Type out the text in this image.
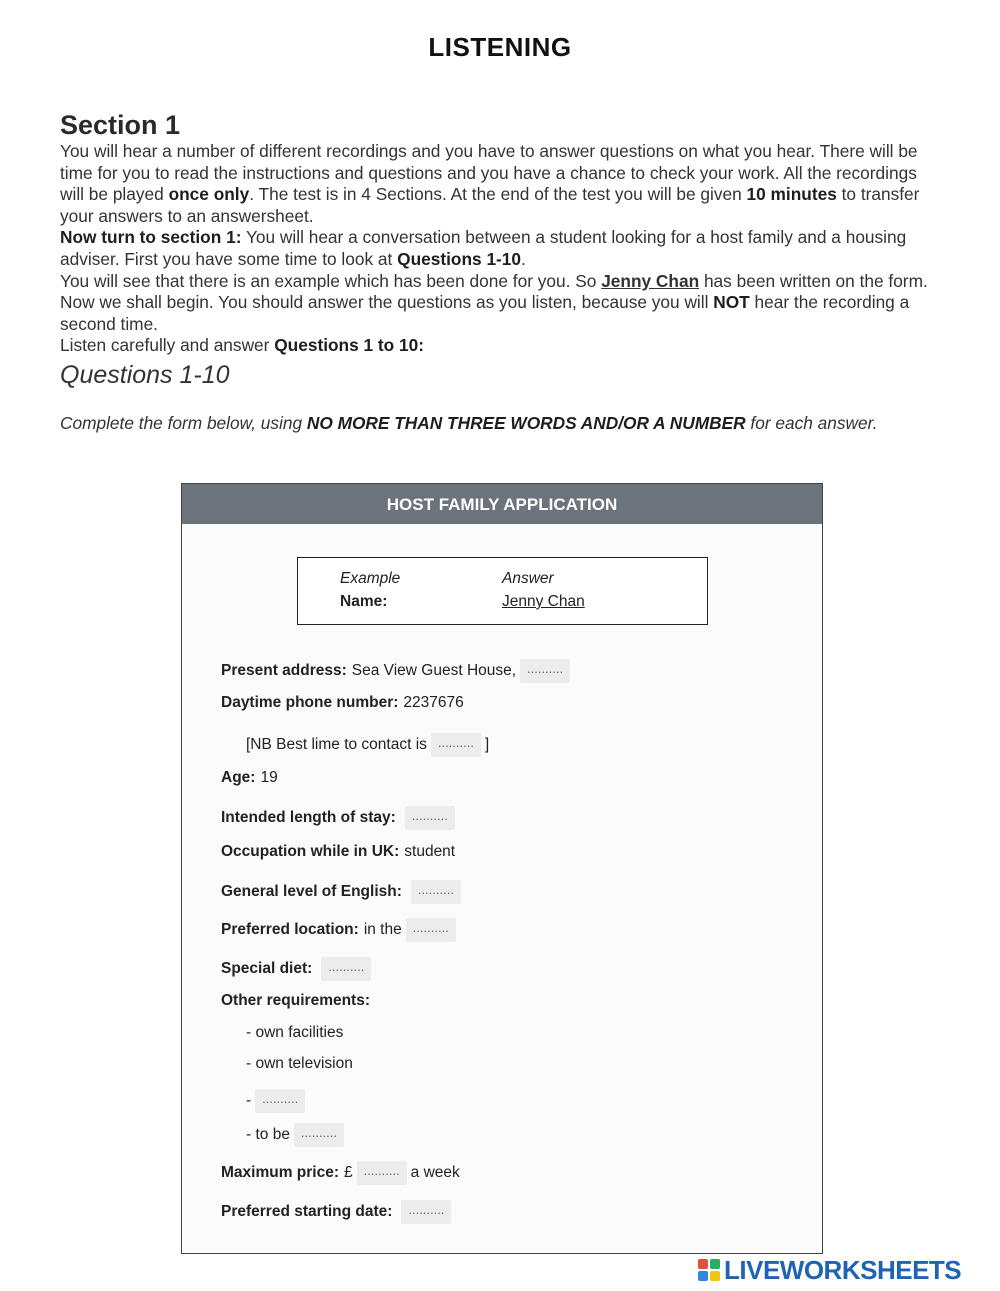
LISTENING
Section 1

You will hear a number of different recordings and you have to answer questions on what you hear. There will be time for you to read the instructions and questions and you have a chance to check your work. All the recordings will be played once only. The test is in 4 Sections. At the end of the test you will be given 10 minutes to transfer your answers to an answersheet.

Now turn to section 1: You will hear a conversation between a student looking for a host family and a housing adviser. First you have some time to look at Questions 1-10.

You will see that there is an example which has been done for you. So Jenny Chan has been written on the form. Now we shall begin. You should answer the questions as you listen, because you will NOT hear the recording a second time.

Listen carefully and answer Questions 1 to 10:

Questions 1-10
Complete the form below, using NO MORE THAN THREE WORDS AND/OR A NUMBER for each answer.
HOST FAMILY APPLICATION
Example	Answer
Name:	Jenny Chan
Present address: Sea View Guest House, ..........
Daytime phone number: 2237676
[NB Best lime to contact is .......... ]
Age: 19
Intended length of stay:	..........
Occupation while in UK: student
General level of English:	..........
Preferred location: in the ..........
Special diet:	..........
Other requirements:
- own facilities
- own television
- ..........
- to be ..........
Maximum price: £ .......... a week
Preferred starting date:	..........
LIVEWORKSHEETS
